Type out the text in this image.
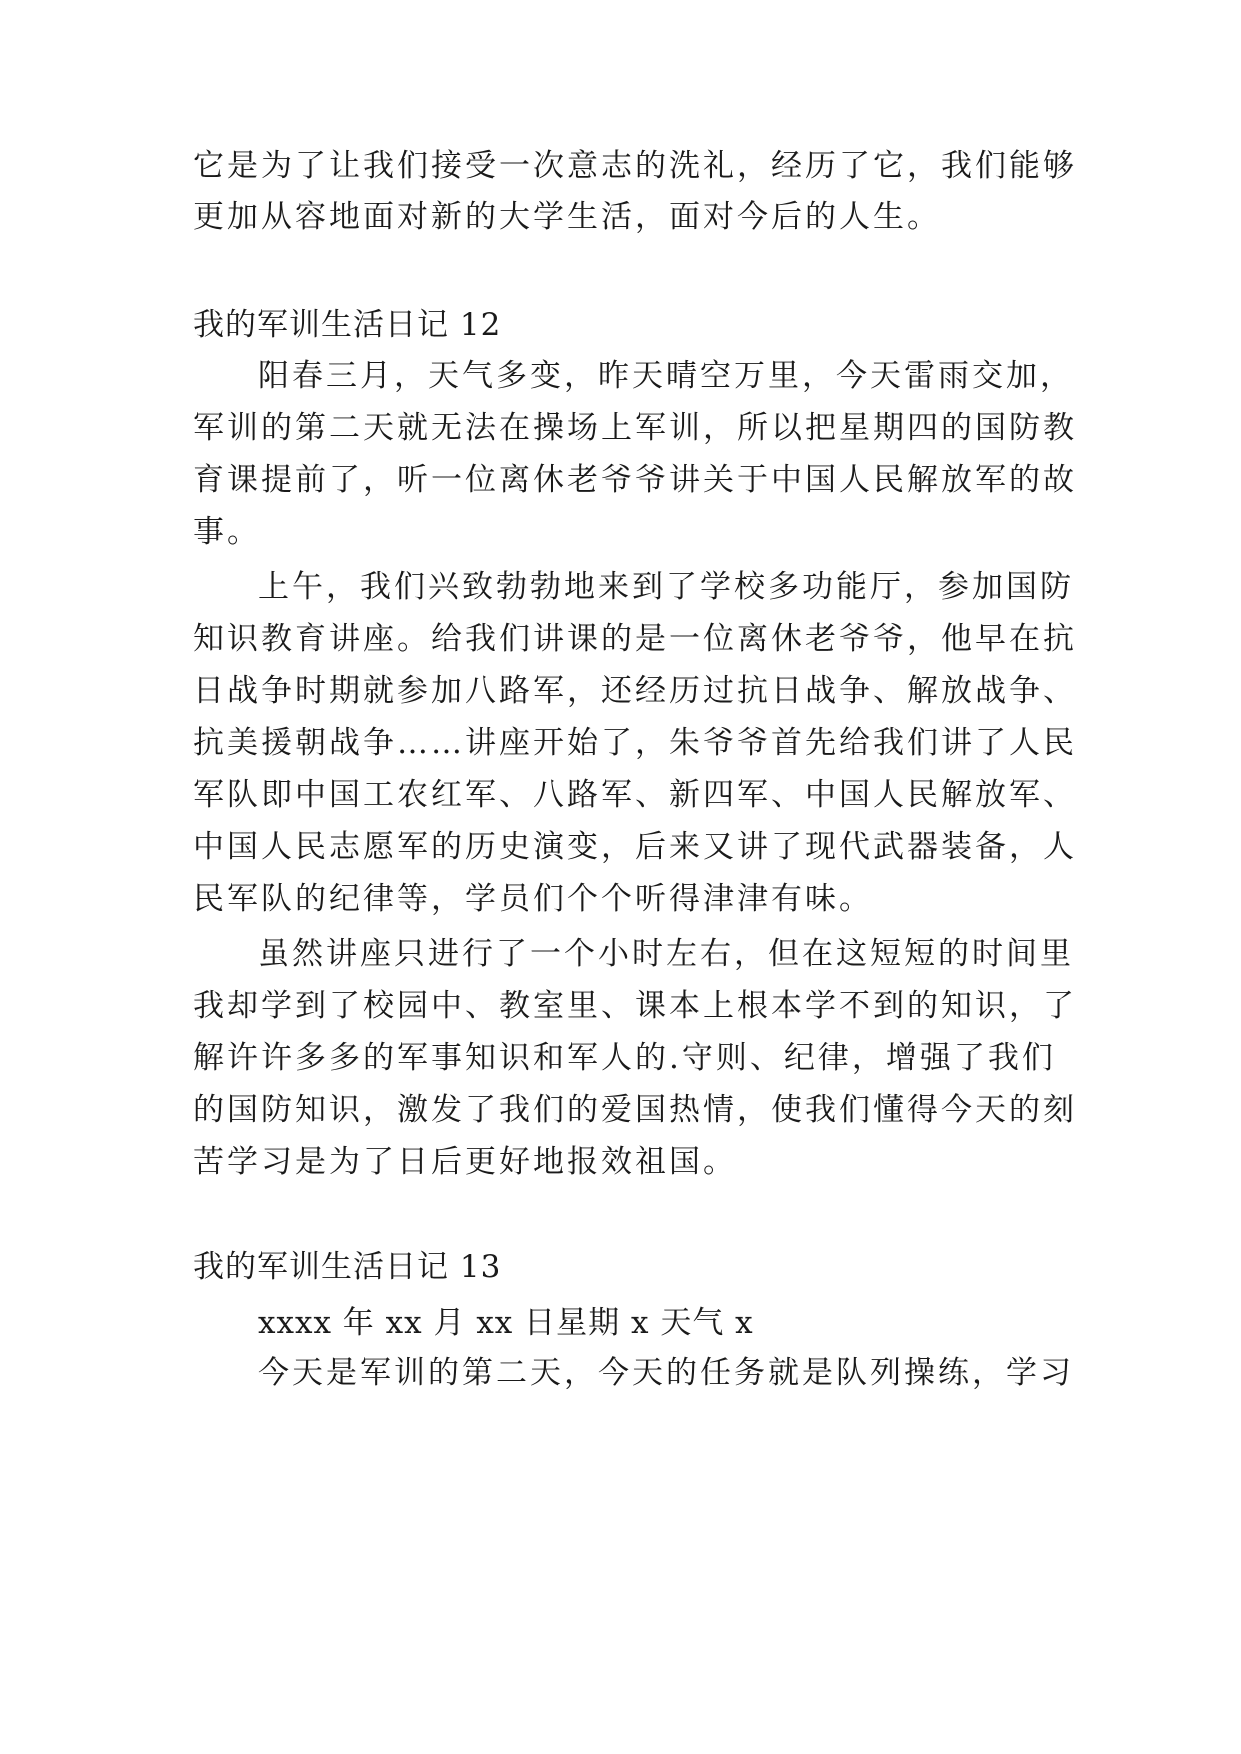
它是为了让我们接受一次意志的洗礼，经历了它，我们能够
更加从容地面对新的大学生活，面对今后的人生。
我的军训生活日记 12
阳春三月，天气多变，昨天晴空万里，今天雷雨交加，
军训的第二天就无法在操场上军训，所以把星期四的国防教
育课提前了，听一位离休老爷爷讲关于中国人民解放军的故
事。
上午，我们兴致勃勃地来到了学校多功能厅，参加国防
知识教育讲座。给我们讲课的是一位离休老爷爷，他早在抗
日战争时期就参加八路军，还经历过抗日战争、解放战争、
抗美援朝战争……讲座开始了，朱爷爷首先给我们讲了人民
军队即中国工农红军、八路军、新四军、中国人民解放军、
中国人民志愿军的历史演变，后来又讲了现代武器装备，人
民军队的纪律等，学员们个个听得津津有味。
虽然讲座只进行了一个小时左右，但在这短短的时间里
我却学到了校园中、教室里、课本上根本学不到的知识，了
解许许多多的军事知识和军人的.守则、纪律，增强了我们
的国防知识，激发了我们的爱国热情，使我们懂得今天的刻
苦学习是为了日后更好地报效祖国。
我的军训生活日记 13
xxxx 年 xx 月 xx 日星期 x 天气 x
今天是军训的第二天，今天的任务就是队列操练，学习
